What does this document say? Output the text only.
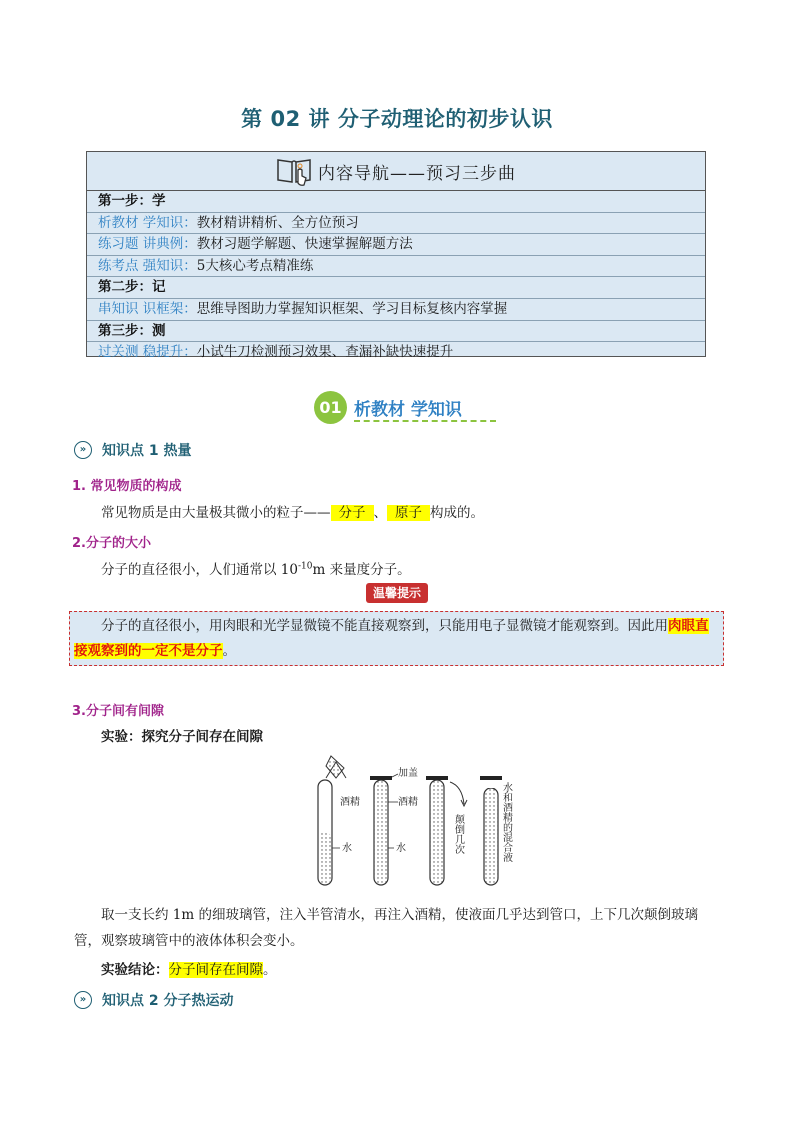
第 02 讲 分子动理论的初步认识
内容导航——预习三步曲
第一步：学
析教材 学知识：教材精讲精析、全方位预习
练习题 讲典例：教材习题学解题、快速掌握解题方法
练考点 强知识：5大核心考点精准练
第二步：记
串知识 识框架：思维导图助力掌握知识框架、学习目标复核内容掌握
第三步：测
过关测 稳提升：小试牛刀检测预习效果、查漏补缺快速提升
01 析教材 学知识
»	知识点 1 热量
1. 常见物质的构成
常见物质是由大量极其微小的粒子—— 分子 、 原子 构成的。
2.分子的大小
分子的直径很小，人们通常以 $10^{-10}m$ 来量度分子。
温馨提示
分子的直径很小，用肉眼和光学显微镜不能直接观察到，只能用电子显微镜才能观察到。因此用肉眼直接观察到的一定不是分子。
3.分子间有间隙
实验：探究分子间存在间隙
加盖
酒精	酒精
水	水	颠倒几次	水和酒精的混合液
取一支长约 1m 的细玻璃管，注入半管清水，再注入酒精，使液面几乎达到管口，上下几次颠倒玻璃管，观察玻璃管中的液体体积会变小。
实验结论：分子间存在间隙。
»	知识点 2 分子热运动
